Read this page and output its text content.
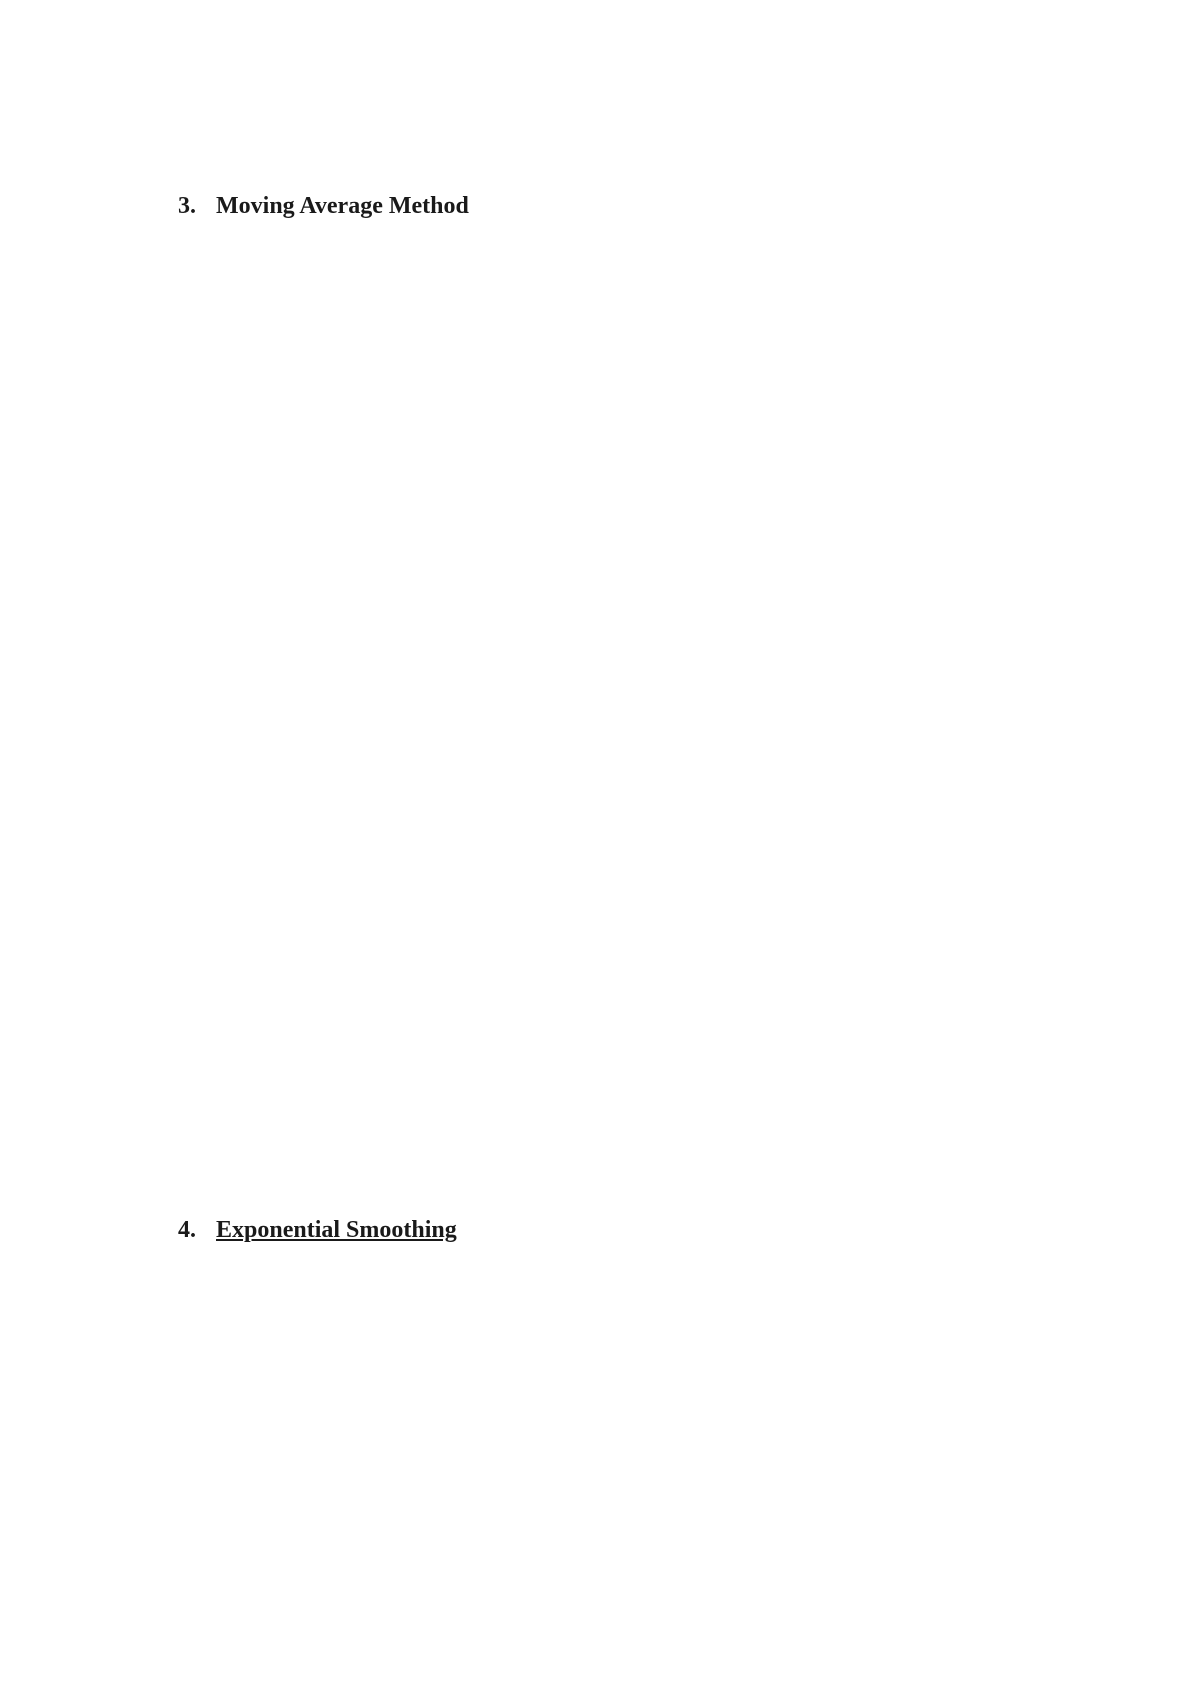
3. Moving Average Method
4. Exponential Smoothing
